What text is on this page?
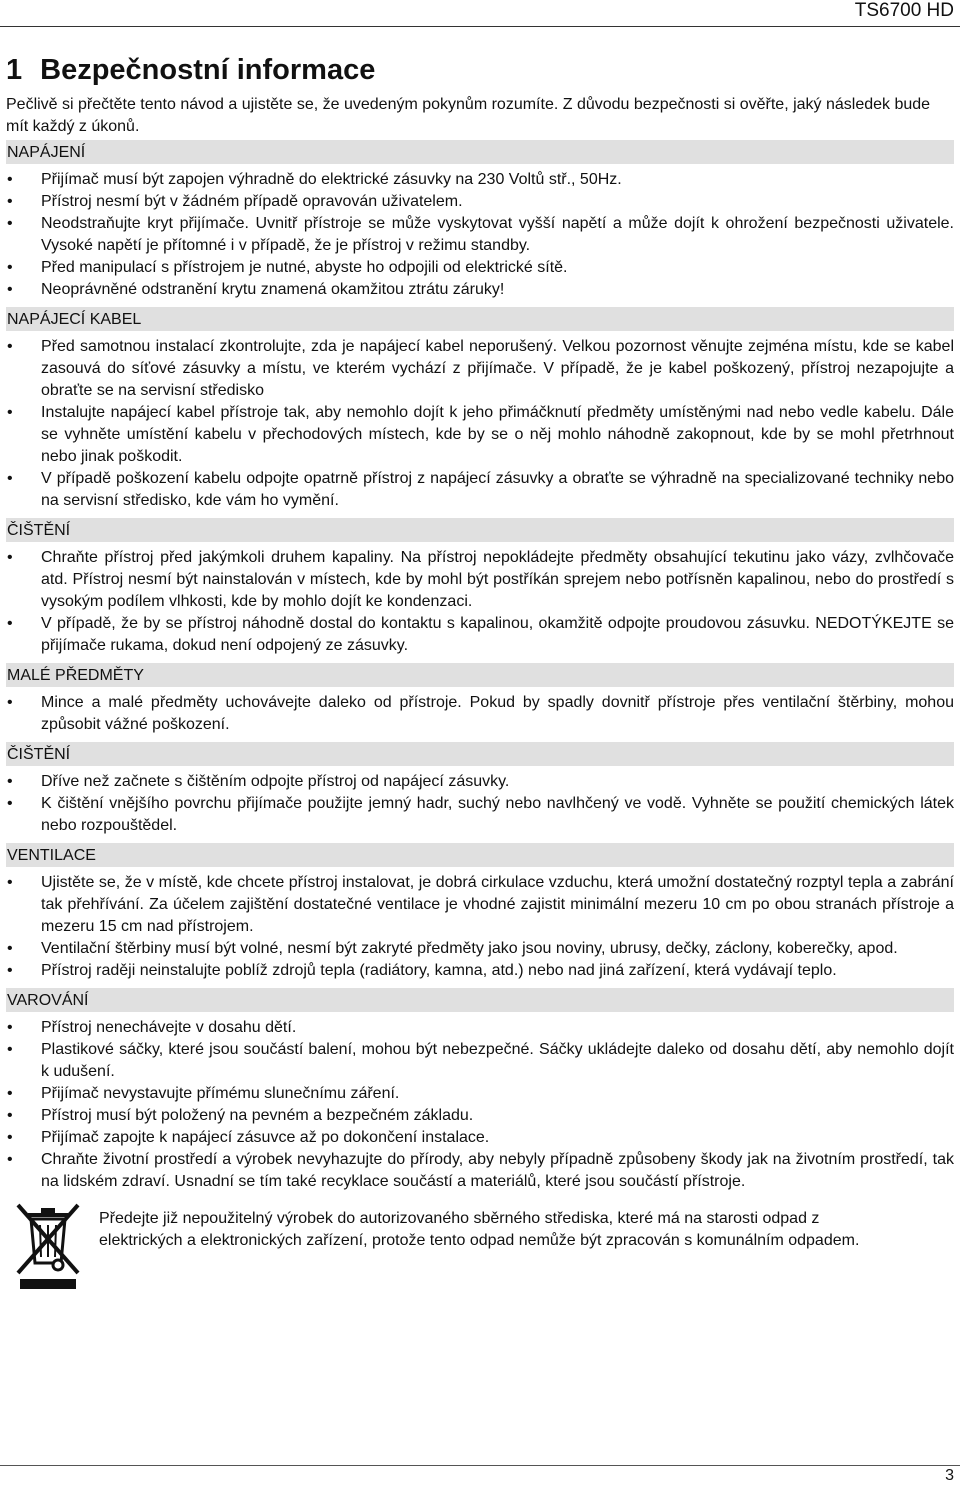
TS6700 HD
1 Bezpečnostní informace

Pečlivě si přečtěte tento návod a ujistěte se, že uvedeným pokynům rozumíte. Z důvodu bezpečnosti si ověřte, jaký následek bude mít každý z úkonů.

NAPÁJENÍ
• Přijímač musí být zapojen výhradně do elektrické zásuvky na 230 Voltů stř., 50Hz.
• Přístroj nesmí být v žádném případě opravován uživatelem.
• Neodstraňujte kryt přijímače. Uvnitř přístroje se může vyskytovat vyšší napětí a může dojít k ohrožení bezpečnosti uživatele. Vysoké napětí je přítomné i v případě, že je přístroj v režimu standby.
• Před manipulací s přístrojem je nutné, abyste ho odpojili od elektrické sítě.
• Neoprávněné odstranění krytu znamená okamžitou ztrátu záruky!
NAPÁJECÍ KABEL
• Před samotnou instalací zkontrolujte, zda je napájecí kabel neporušený. Velkou pozornost věnujte zejména místu, kde se kabel zasouvá do síťové zásuvky a místu, ve kterém vychází z přijímače. V případě, že je kabel poškozený, přístroj nezapojujte a obraťte se na servisní středisko
• Instalujte napájecí kabel přístroje tak, aby nemohlo dojít k jeho přimáčknutí předměty umístěnými nad nebo vedle kabelu. Dále se vyhněte umístění kabelu v přechodových místech, kde by se o něj mohlo náhodně zakopnout, kde by se mohl přetrhnout nebo jinak poškodit.
• V případě poškození kabelu odpojte opatrně přístroj z napájecí zásuvky a obraťte se výhradně na specializované techniky nebo na servisní středisko, kde vám ho vymění.
ČIŠTĚNÍ
• Chraňte přístroj před jakýmkoli druhem kapaliny. Na přístroj nepokládejte předměty obsahující tekutinu jako vázy, zvlhčovače atd. Přístroj nesmí být nainstalován v místech, kde by mohl být postříkán sprejem nebo potřísněn kapalinou, nebo do prostředí s vysokým podílem vlhkosti, kde by mohlo dojít ke kondenzaci.
• V případě, že by se přístroj náhodně dostal do kontaktu s kapalinou, okamžitě odpojte proudovou zásuvku. NEDOTÝKEJTE se přijímače rukama, dokud není odpojený ze zásuvky.
MALÉ PŘEDMĚTY
• Mince a malé předměty uchovávejte daleko od přístroje. Pokud by spadly dovnitř přístroje přes ventilační štěrbiny, mohou způsobit vážné poškození.
ČIŠTĚNÍ
• Dříve než začnete s čištěním odpojte přístroj od napájecí zásuvky.
• K čištění vnějšího povrchu přijímače použijte jemný hadr, suchý nebo navlhčený ve vodě. Vyhněte se použití chemických látek nebo rozpouštědel.
VENTILACE
• Ujistěte se, že v místě, kde chcete přístroj instalovat, je dobrá cirkulace vzduchu, která umožní dostatečný rozptyl tepla a zabrání tak přehřívání. Za účelem zajištění dostatečné ventilace je vhodné zajistit minimální mezeru 10 cm po obou stranách přístroje a mezeru 15 cm nad přístrojem.
• Ventilační štěrbiny musí být volné, nesmí být zakryté předměty jako jsou noviny, ubrusy, dečky, záclony, koberečky, apod.
• Přístroj raději neinstalujte poblíž zdrojů tepla (radiátory, kamna, atd.) nebo nad jiná zařízení, která vydávají teplo.
VAROVÁNÍ
• Přístroj nenechávejte v dosahu dětí.
• Plastikové sáčky, které jsou součástí balení, mohou být nebezpečné. Sáčky ukládejte daleko od dosahu dětí, aby nemohlo dojít k udušení.
• Přijímač nevystavujte přímému slunečnímu záření.
• Přístroj musí být položený na pevném a bezpečném základu.
• Přijímač zapojte k napájecí zásuvce až po dokončení instalace.
• Chraňte životní prostředí a výrobek nevyhazujte do přírody, aby nebyly případně způsobeny škody jak na životním prostředí, tak na lidském zdraví. Usnadní se tím také recyklace součástí a materiálů, které jsou součástí přístroje.
Předejte již nepoužitelný výrobek do autorizovaného sběrného střediska, které má na starosti odpad z elektrických a elektronických zařízení, protože tento odpad nemůže být zpracován s komunálním odpadem.
3
